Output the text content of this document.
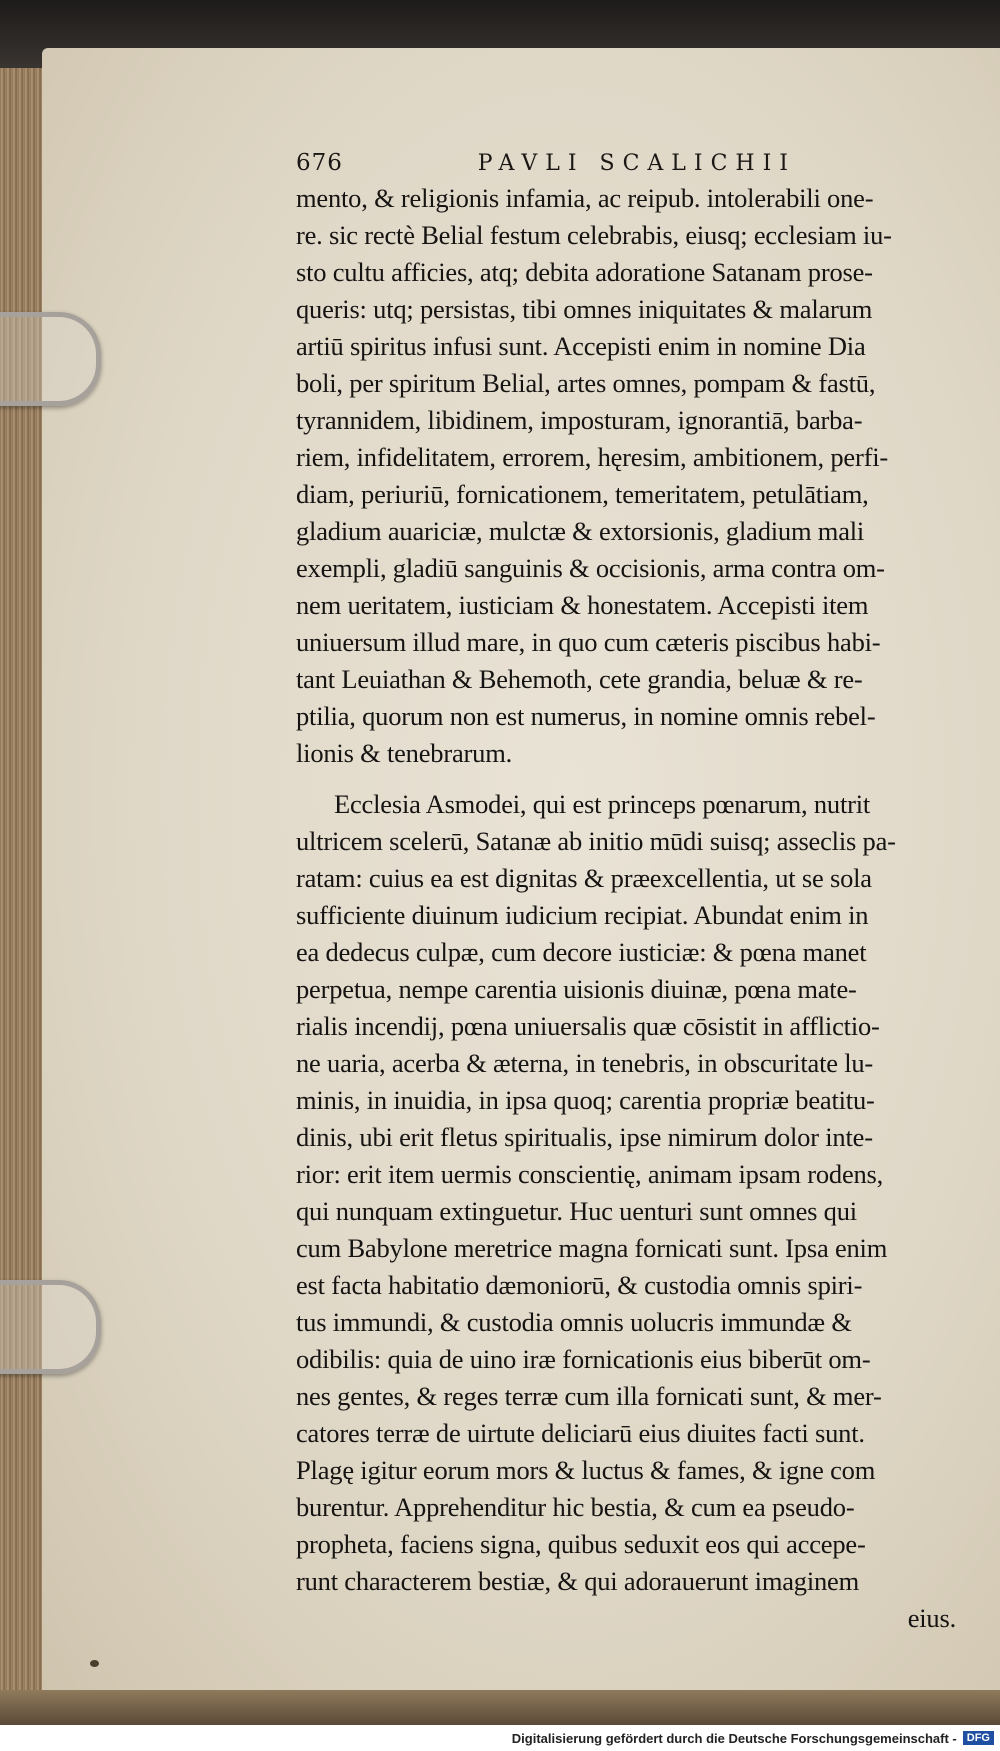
676	PAVLI SCALICHII
mento, & religionis infamia, ac reipub. intolerabili one-
re. sic rectè Belial festum celebrabis, eiusq; ecclesiam iu-
sto cultu afficies, atq; debita adoratione Satanam prose-
queris: utq; persistas, tibi omnes iniquitates & malarum
artiū spiritus infusi sunt. Accepisti enim in nomine Dia
boli, per spiritum Belial, artes omnes, pompam & fastū,
tyrannidem, libidinem, imposturam, ignorantiā, barba-
riem, infidelitatem, errorem, hęresim, ambitionem, perfi-
diam, periuriū, fornicationem, temeritatem, petulātiam,
gladium auariciæ, mulctæ & extorsionis, gladium mali
exempli, gladiū sanguinis & occisionis, arma contra om-
nem ueritatem, iusticiam & honestatem. Accepisti item
uniuersum illud mare, in quo cum cæteris piscibus habi-
tant Leuiathan & Behemoth, cete grandia, beluæ & re-
ptilia, quorum non est numerus, in nomine omnis rebel-
lionis & tenebrarum.
Ecclesia Asmodei, qui est princeps pœnarum, nutrit
ultricem scelerū, Satanæ ab initio mūdi suisq; asseclis pa-
ratam: cuius ea est dignitas & præexcellentia, ut se sola
sufficiente diuinum iudicium recipiat. Abundat enim in
ea dedecus culpæ, cum decore iusticiæ: & pœna manet
perpetua, nempe carentia uisionis diuinæ, pœna mate-
rialis incendij, pœna uniuersalis quæ cōsistit in afflictio-
ne uaria, acerba & æterna, in tenebris, in obscuritate lu-
minis, in inuidia, in ipsa quoq; carentia propriæ beatitu-
dinis, ubi erit fletus spiritualis, ipse nimirum dolor inte-
rior: erit item uermis conscientię, animam ipsam rodens,
qui nunquam extinguetur. Huc uenturi sunt omnes qui
cum Babylone meretrice magna fornicati sunt. Ipsa enim
est facta habitatio dæmoniorū, & custodia omnis spiri-
tus immundi, & custodia omnis uolucris immundæ &
odibilis: quia de uino iræ fornicationis eius biberūt om-
nes gentes, & reges terræ cum illa fornicati sunt, & mer-
catores terræ de uirtute deliciarū eius diuites facti sunt.
Plagę igitur eorum mors & luctus & fames, & igne com
burentur. Apprehenditur hic bestia, & cum ea pseudo-
propheta, faciens signa, quibus seduxit eos qui accepe-
runt characterem bestiæ, & qui adorauerunt imaginem
eius.
Digitalisierung gefördert durch die Deutsche Forschungsgemeinschaft - DFG
